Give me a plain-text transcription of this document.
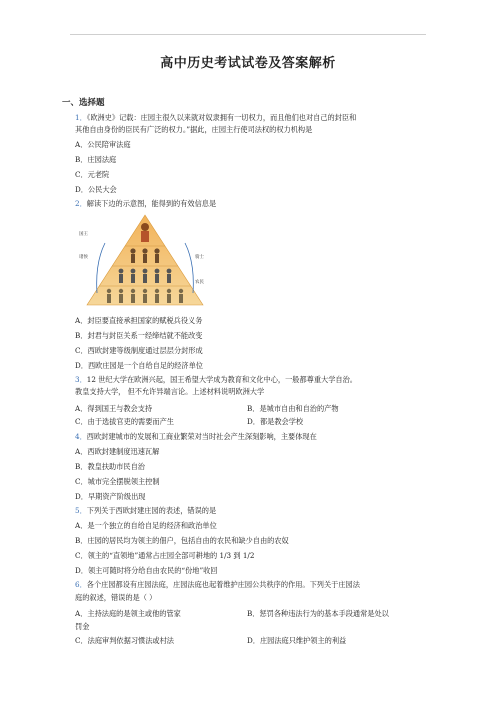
高中历史考试试卷及答案解析
一、选择题
1．《欧洲史》记载：庄园主很久以来就对奴隶拥有一切权力，而且他们也对自己的封臣和
其他自由身份的臣民有广泛的权力。”据此，庄园主行使司法权的权力机构是
A．公民陪审法庭
B．庄园法庭
C．元老院
D．公民大会
2．解读下边的示意图，能得到的有效信息是
国王
诸侯	骑士
农民
A．封臣要直接承担国家的赋税兵役义务
B．封君与封臣关系一经缔结就不能改变
C．西欧封建等级制度通过层层分封形成
D．西欧庄园是一个自给自足的经济单位
3．12 世纪大学在欧洲兴起，国王希望大学成为教育和文化中心，一般都尊重大学自治。
教皇支持大学， 但不允许异端言论。上述材料说明欧洲大学
A．得到国王与教会支持	B．是城市自由和自治的产物
C．由于选拔官吏的需要而产生	D．都是教会学校
4．西欧封建城市的发展和工商业繁荣对当时社会产生深刻影响，主要体现在
A．西欧封建制度迅速瓦解
B．教皇扶助市民自治
C．城市完全摆脱领主控制
D．早期资产阶级出现
5．下列关于西欧封建庄园的表述，错误的是
A．是一个独立的自给自足的经济和政治单位
B．庄园的居民均为领主的佃户，包括自由的农民和缺少自由的农奴
C．领主的“直领地”通常占庄园全部可耕地的 1/3 到 1/2
D．领主可随时将分给自由农民的“份地”收回
6．各个庄园都设有庄园法庭，庄园法庭也起着维护庄园公共秩序的作用。下列关于庄园法
庭的叙述，错误的是（ ）
A．主持法庭的是领主或他的管家	B．惩罚各种违法行为的基本手段通常是处以
罚金
C．法庭审判依据习惯法或村法	D．庄园法庭只维护领主的利益
